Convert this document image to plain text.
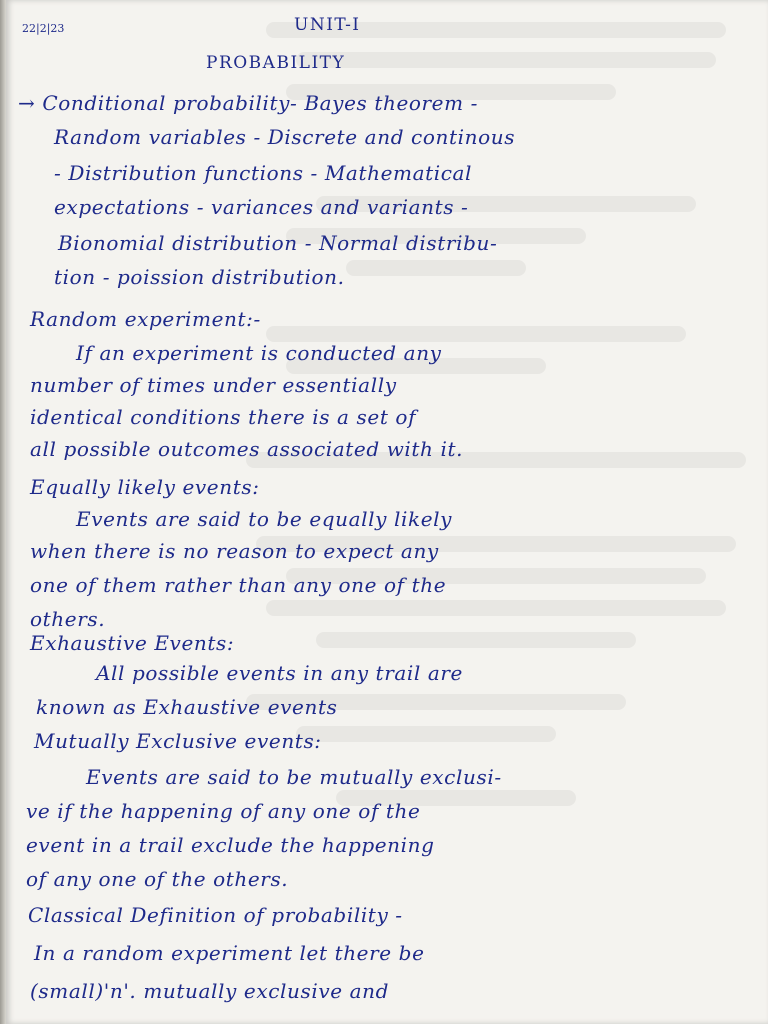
22|2|23	UNIT-I
PROBABILITY
→ Conditional probability- Bayes theorem -
Random variables - Discrete and continous
- Distribution functions - Mathematical
expectations - variances and variants -
Bionomial distribution - Normal distribu-
tion - poission distribution.
Random experiment:-
If an experiment is conducted any
number of times under essentially
identical conditions there is a set of
all possible outcomes associated with it.
Equally likely events:
Events are said to be equally likely
when there is no reason to expect any
one of them rather than any one of the
others.
Exhaustive Events:
All possible events in any trail are
known as Exhaustive events
Mutually Exclusive events:
Events are said to be mutually exclusi-
ve if the happening of any one of the
event in a trail exclude the happening
of any one of the others.
Classical Definition of probability -
In a random experiment let there be
(small)'n'. mutually exclusive and
